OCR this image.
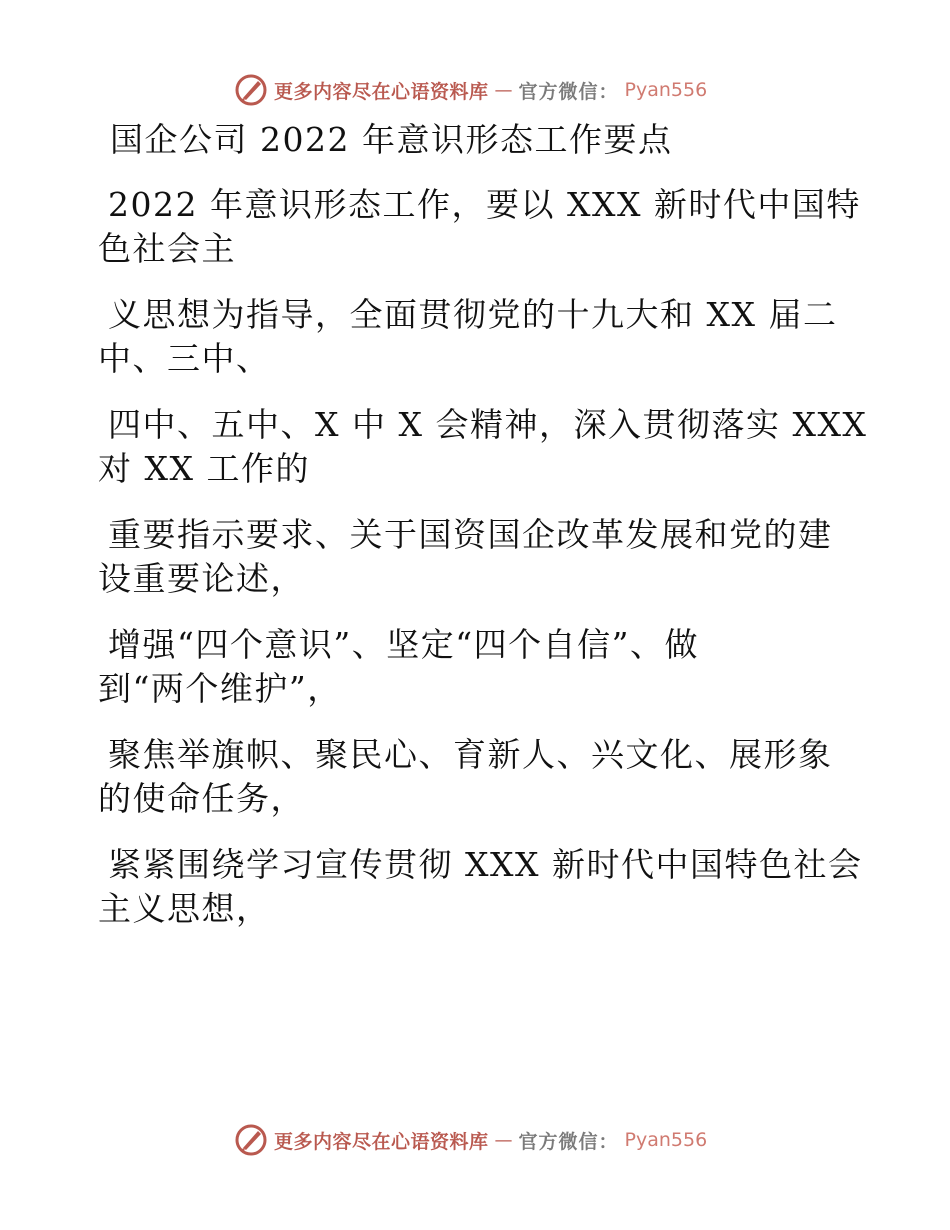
更多内容尽在心语资料库 — 官方微信： Pyan556
国企公司 2022 年意识形态工作要点
2022 年意识形态工作，要以 XXX 新时代中国特
色社会主
义思想为指导，全面贯彻党的十九大和 XX 届二
中、三中、
四中、五中、X 中 X 会精神，深入贯彻落实 XXX
对 XX 工作的
重要指示要求、关于国资国企改革发展和党的建
设重要论述，
增强“四个意识”、坚定“四个自信”、做
到“两个维护”，
聚焦举旗帜、聚民心、育新人、兴文化、展形象
的使命任务，
紧紧围绕学习宣传贯彻 XXX 新时代中国特色社会
主义思想，
更多内容尽在心语资料库 — 官方微信： Pyan556
